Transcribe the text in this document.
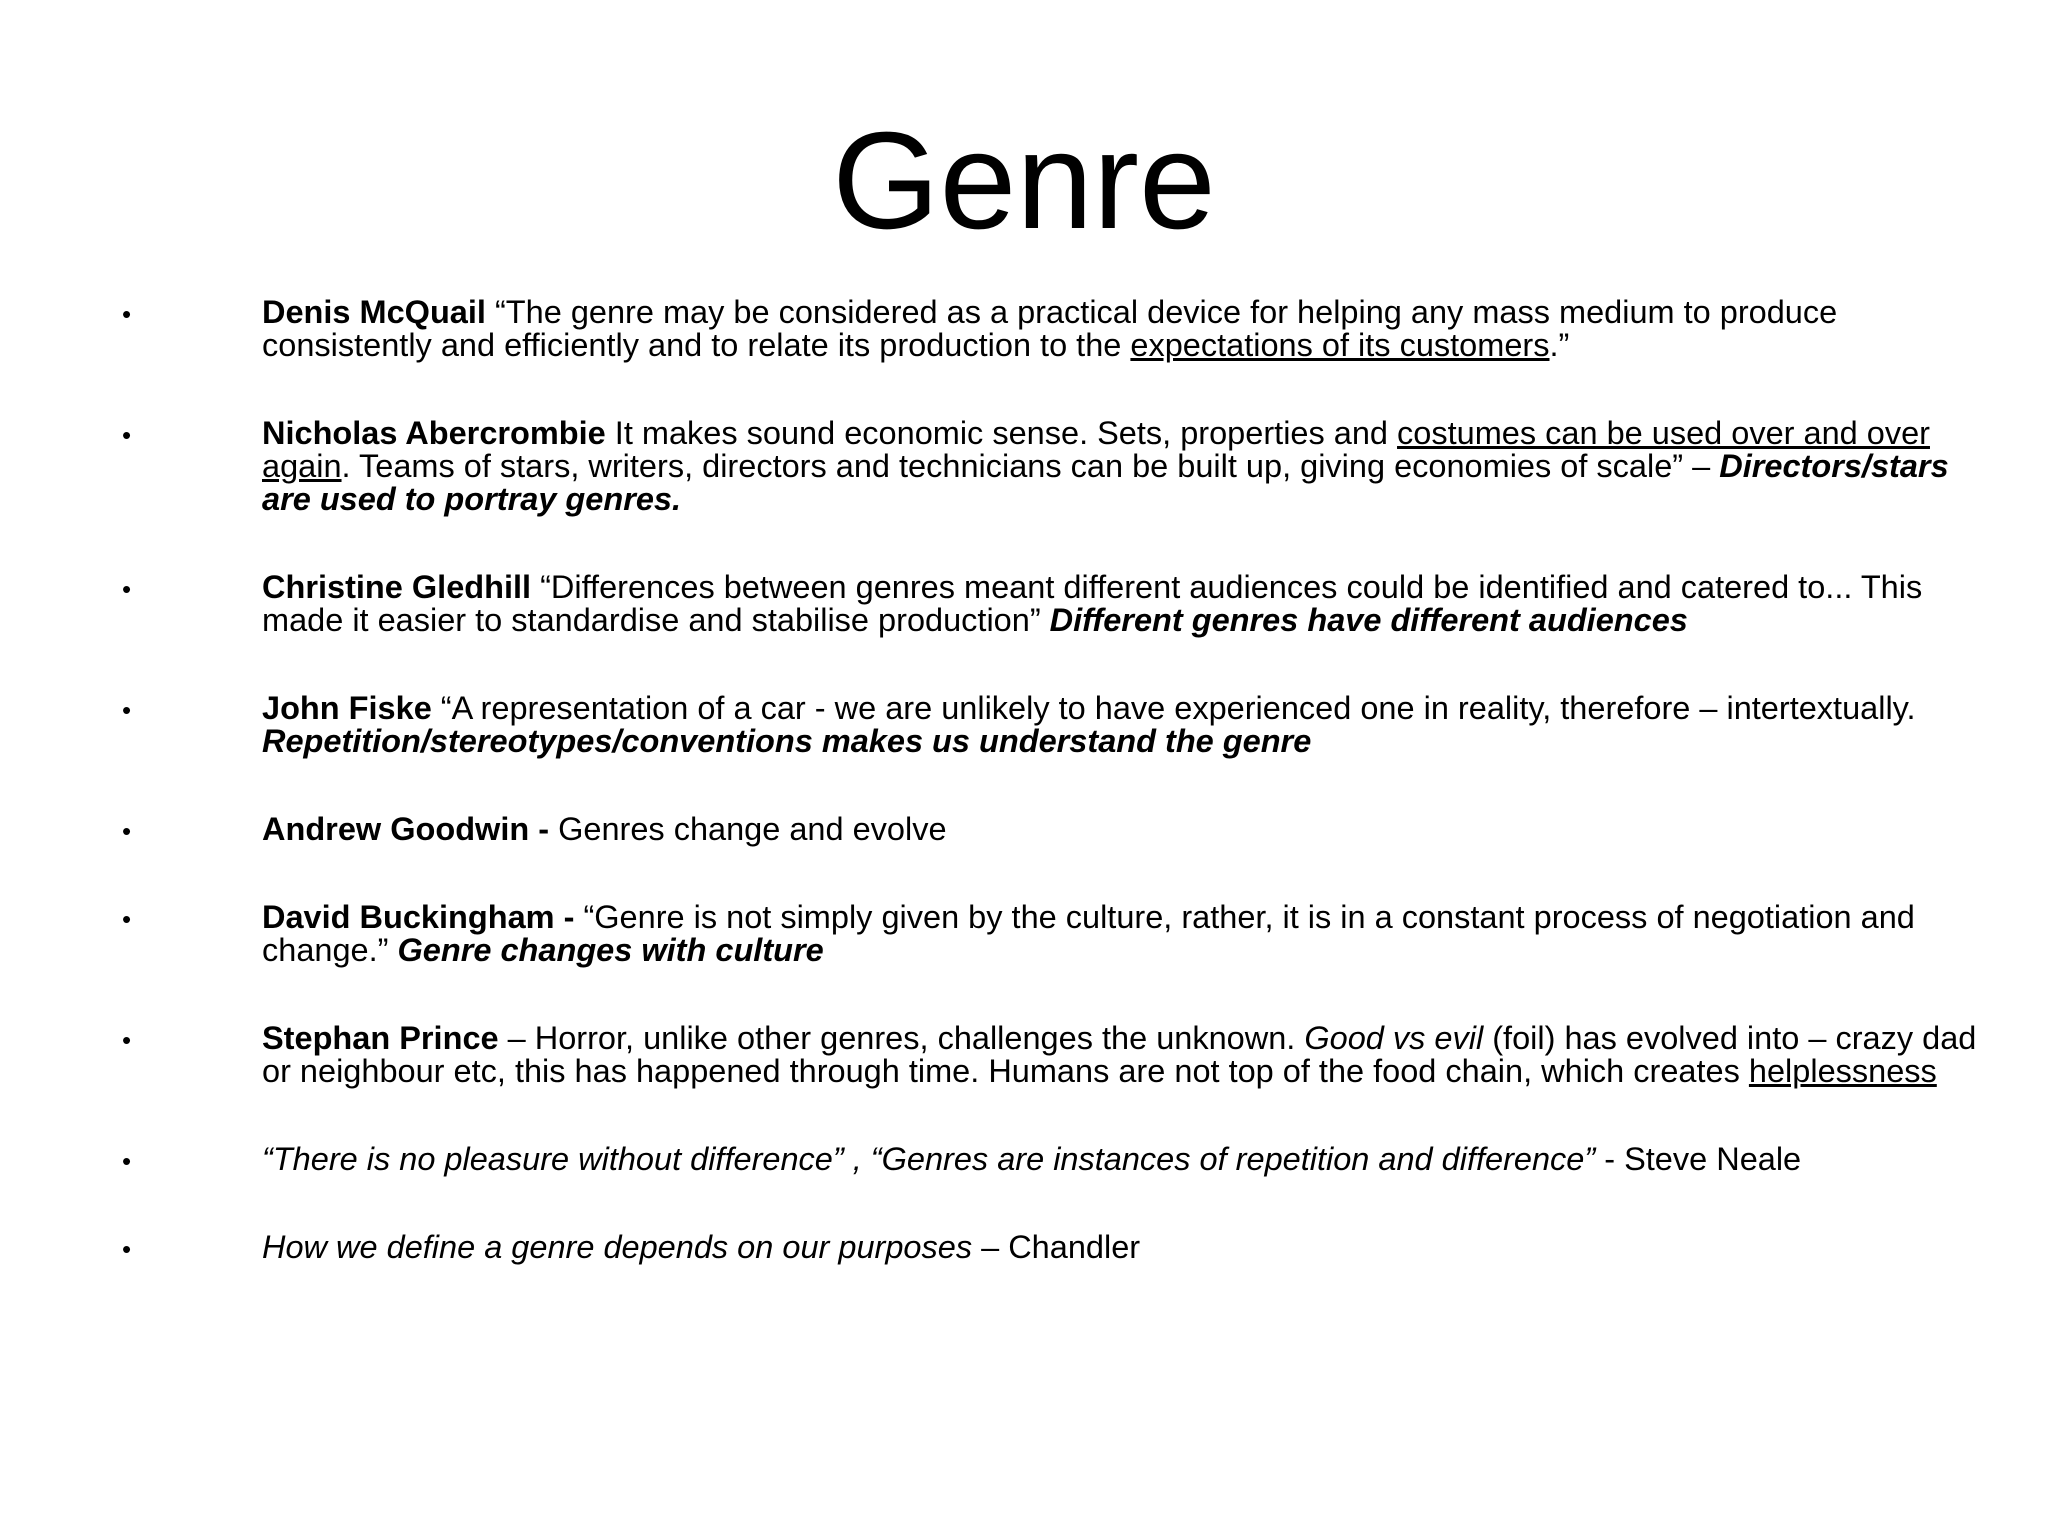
Genre
•	Denis McQuail “The genre may be considered as a practical device for helping any mass medium to produce consistently and efficiently and to relate its production to the expectations of its customers.”
•	Nicholas Abercrombie It makes sound economic sense. Sets, properties and costumes can be used over and over again. Teams of stars, writers, directors and technicians can be built up, giving economies of scale” – Directors/stars are used to portray genres.
•	Christine Gledhill “Differences between genres meant different audiences could be identified and catered to... This made it easier to standardise and stabilise production” Different genres have different audiences
•	John Fiske “A representation of a car - we are unlikely to have experienced one in reality, therefore – intertextually. Repetition/stereotypes/conventions makes us understand the genre
•	Andrew Goodwin - Genres change and evolve
•	David Buckingham - “Genre is not simply given by the culture, rather, it is in a constant process of negotiation and change.” Genre changes with culture
•	Stephan Prince – Horror, unlike other genres, challenges the unknown. Good vs evil (foil) has evolved into – crazy dad or neighbour etc, this has happened through time. Humans are not top of the food chain, which creates helplessness
•	“There is no pleasure without difference” , “Genres are instances of repetition and difference” - Steve Neale
•	How we define a genre depends on our purposes – Chandler
